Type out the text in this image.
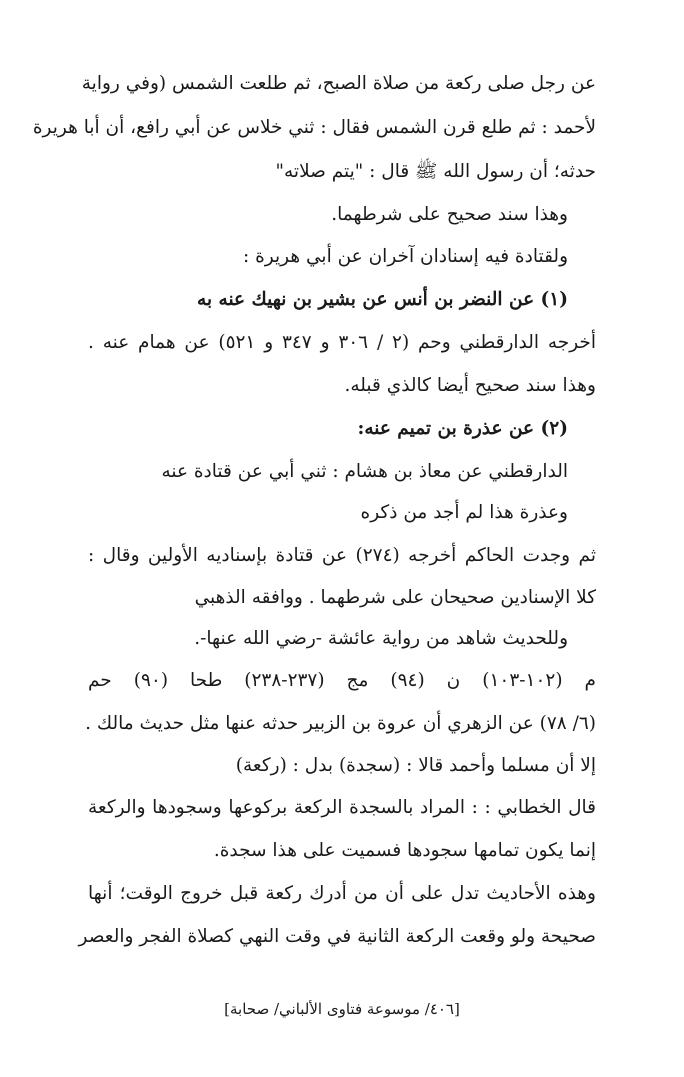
عن رجل صلى ركعة من صلاة الصبح، ثم طلعت الشمس (وفي رواية
لأحمد : ثم طلع قرن الشمس فقال : ثني خلاس عن أبي رافع، أن أبا هريرة
حدثه؛ أن رسول الله ﷺ قال : "يتم صلاته"
وهذا سند صحيح على شرطهما.
ولقتادة فيه إسنادان آخران عن أبي هريرة :
(١) عن النضر بن أنس عن بشير بن نهيك عنه به
أخرجه الدارقطني وحم (٢ / ٣٠٦ و ٣٤٧ و ٥٢١) عن همام عنه .
وهذا سند صحيح أيضا كالذي قبله.
(٢) عن عذرة بن تميم عنه:
الدارقطني عن معاذ بن هشام : ثني أبي عن قتادة عنه
وعذرة هذا لم أجد من ذكره
ثم وجدت الحاكم أخرجه (٢٧٤) عن قتادة بإسناديه الأولين وقال :
كلا الإسنادين صحيحان على شرطهما . ووافقه الذهبي
وللحديث شاهد من رواية عائشة -رضي الله عنها-.
م (١٠٢-١٠٣) ن (٩٤) مج (٢٣٧-٢٣٨) طحا (٩٠) حم
(٦/ ٧٨) عن الزهري أن عروة بن الزبير حدثه عنها مثل حديث مالك .
إلا أن مسلما وأحمد قالا : (سجدة) بدل : (ركعة)
قال الخطابي : : المراد بالسجدة الركعة بركوعها وسجودها والركعة
إنما يكون تمامها سجودها فسميت على هذا سجدة.
وهذه الأحاديث تدل على أن من أدرك ركعة قبل خروج الوقت؛ أنها
صحيحة ولو وقعت الركعة الثانية في وقت النهي كصلاة الفجر والعصر
[٤٠٦/ موسوعة فتاوى الألباني/ صحابة]
